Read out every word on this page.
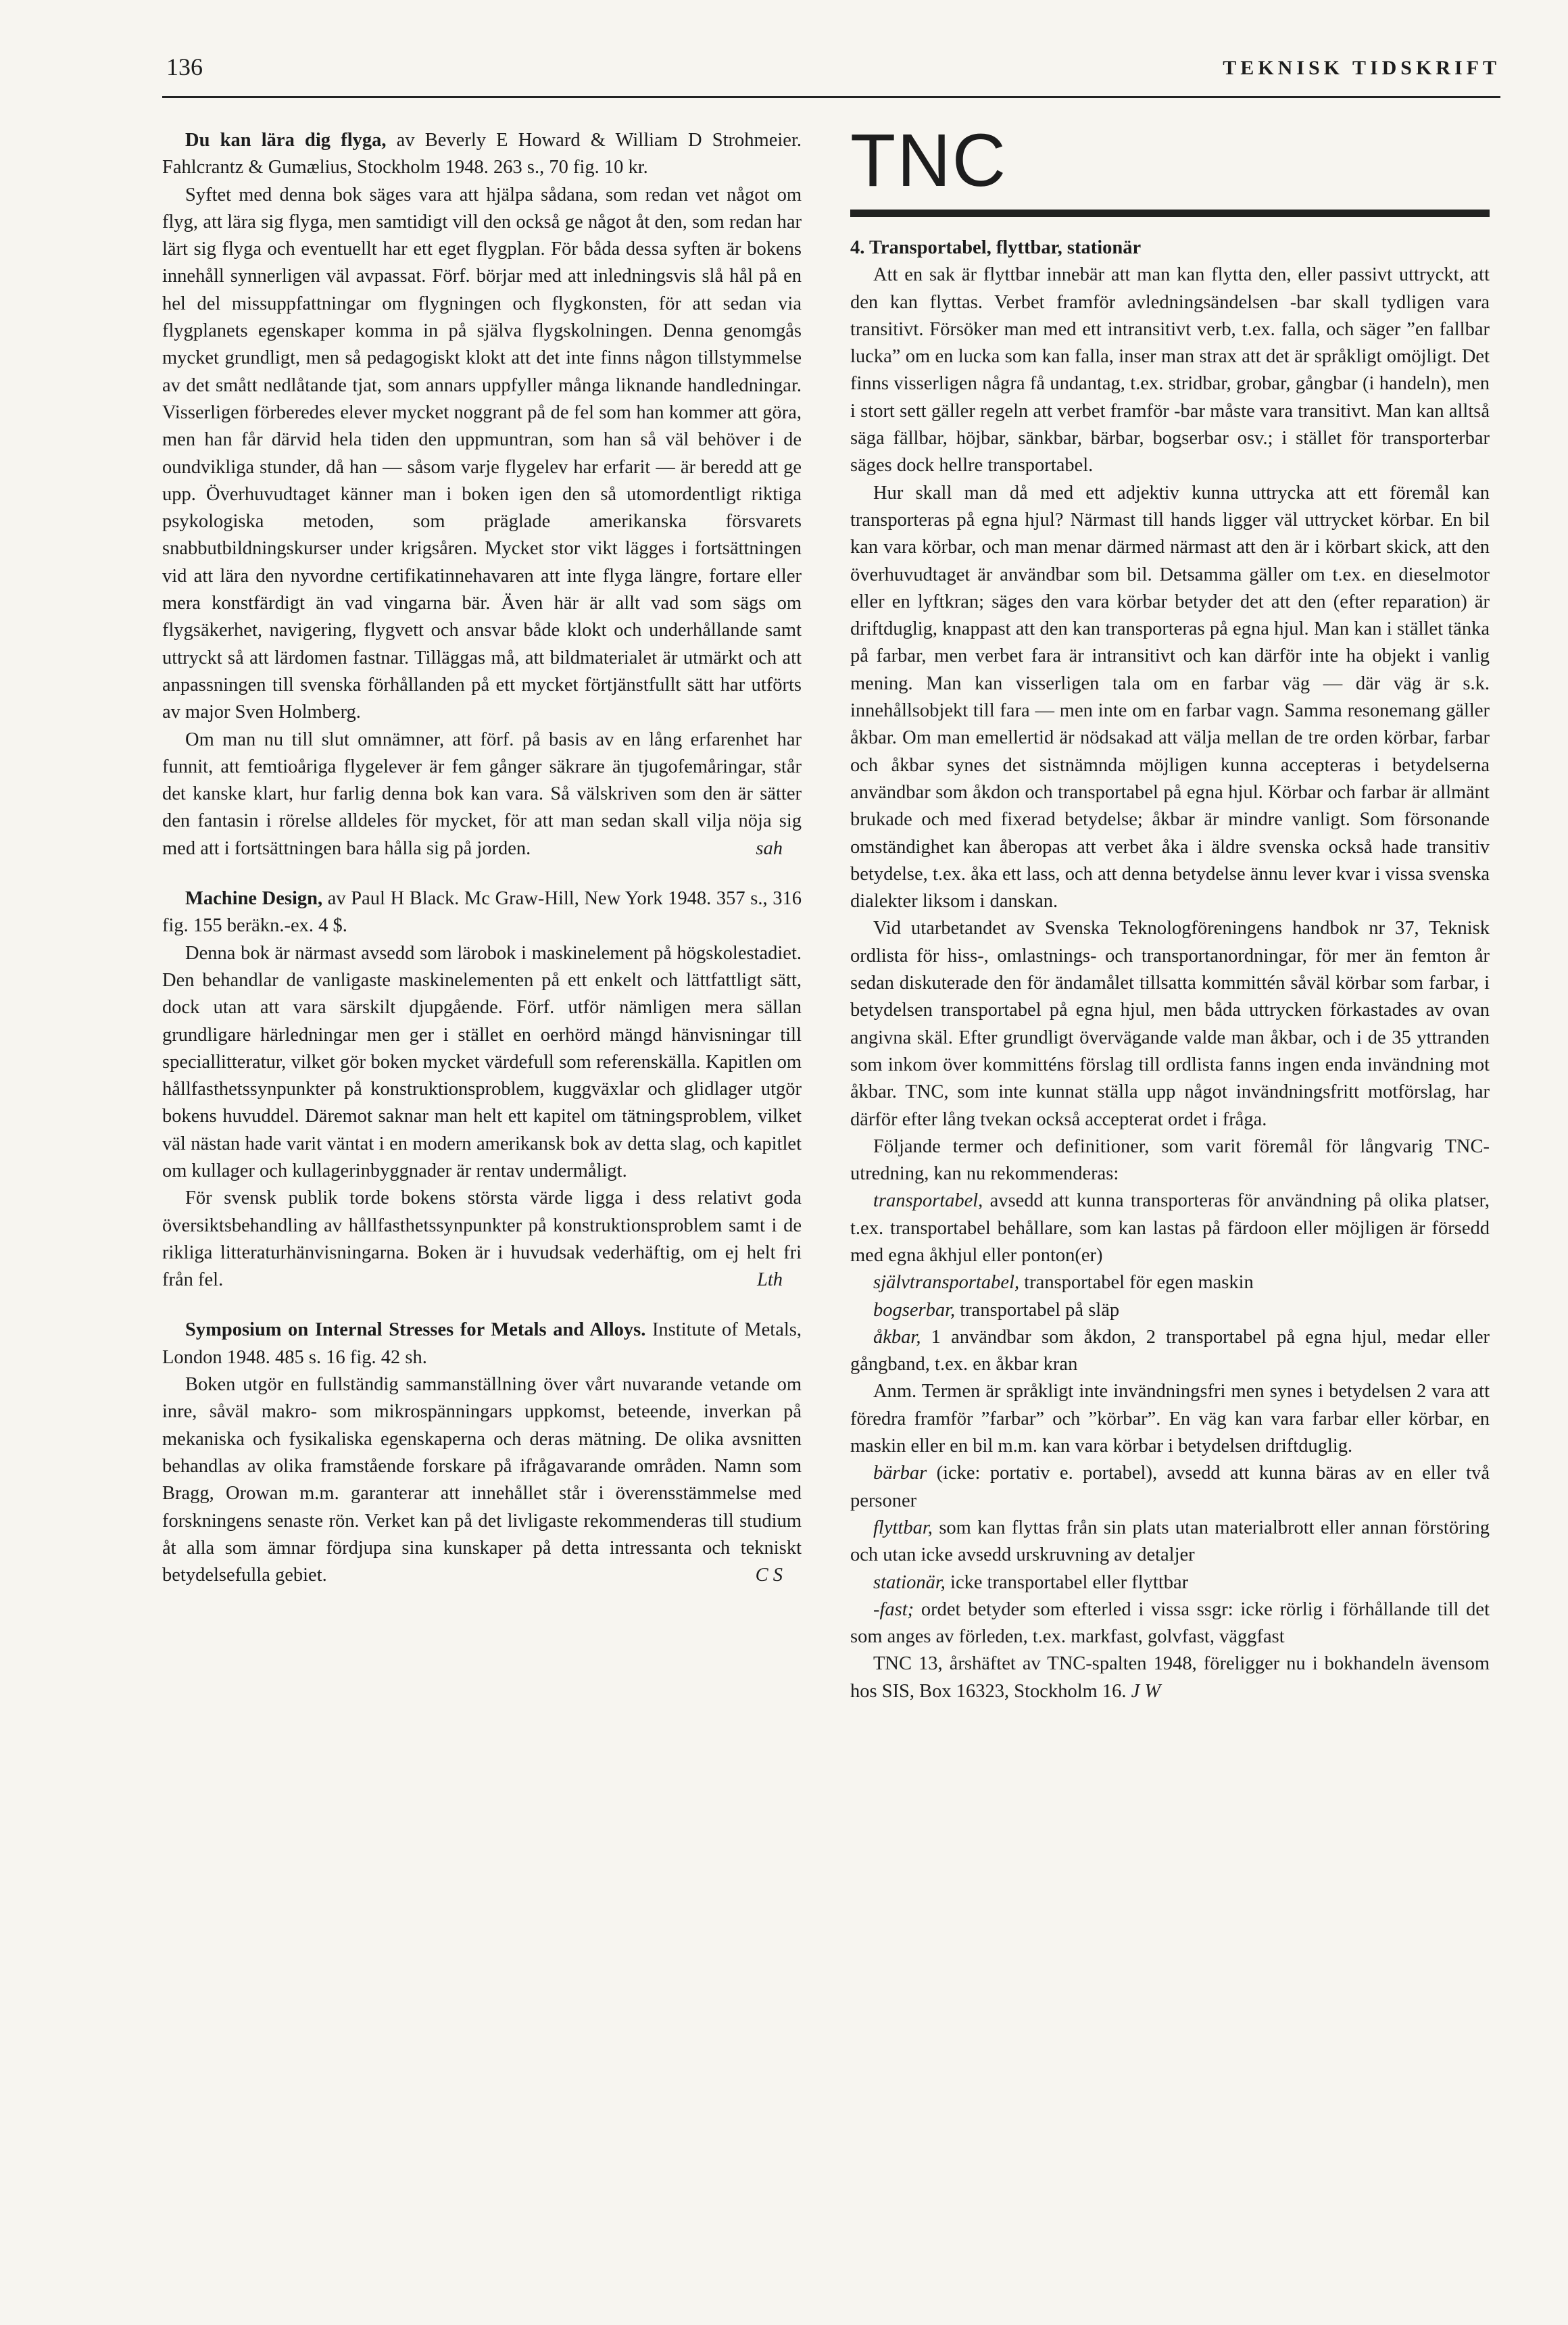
136	TEKNISK TIDSKRIFT

Du kan lära dig flyga, av Beverly E Howard & William D Strohmeier. Fahlcrantz & Gumælius, Stockholm 1948. 263 s., 70 fig. 10 kr.

Syftet med denna bok säges vara att hjälpa sådana, som redan vet något om flyg, att lära sig flyga, men samtidigt vill den också ge något åt den, som redan har lärt sig flyga och eventuellt har ett eget flygplan. För båda dessa syften är bokens innehåll synnerligen väl avpassat. Förf. börjar med att inledningsvis slå hål på en hel del missuppfattningar om flygningen och flygkonsten, för att sedan via flygplanets egenskaper komma in på själva flygskolningen. Denna genomgås mycket grundligt, men så pedagogiskt klokt att det inte finns någon tillstymmelse av det smått nedlåtande tjat, som annars uppfyller många liknande handledningar. Visserligen förberedes elever mycket noggrant på de fel som han kommer att göra, men han får därvid hela tiden den uppmuntran, som han så väl behöver i de oundvikliga stunder, då han — såsom varje flygelev har erfarit — är beredd att ge upp. Överhuvudtaget känner man i boken igen den så utomordentligt riktiga psykologiska metoden, som präglade amerikanska försvarets snabbutbildningskurser under krigsåren. Mycket stor vikt lägges i fortsättningen vid att lära den nyvordne certifikatinnehavaren att inte flyga längre, fortare eller mera konstfärdigt än vad vingarna bär. Även här är allt vad som sägs om flygsäkerhet, navigering, flygvett och ansvar både klokt och underhållande samt uttryckt så att lärdomen fastnar. Tilläggas må, att bildmaterialet är utmärkt och att anpassningen till svenska förhållanden på ett mycket förtjänstfullt sätt har utförts av major Sven Holmberg.

Om man nu till slut omnämner, att förf. på basis av en lång erfarenhet har funnit, att femtioåriga flygelever är fem gånger säkrare än tjugofemåringar, står det kanske klart, hur farlig denna bok kan vara. Så välskriven som den är sätter den fantasin i rörelse alldeles för mycket, för att man sedan skall vilja nöja sig med att i fortsättningen bara hålla sig på jorden.	sah

Machine Design, av Paul H Black. Mc Graw-Hill, New York 1948. 357 s., 316 fig. 155 beräkn.-ex. 4 $.

Denna bok är närmast avsedd som lärobok i maskinelement på högskolestadiet. Den behandlar de vanligaste maskinelementen på ett enkelt och lättfattligt sätt, dock utan att vara särskilt djupgående. Förf. utför nämligen mera sällan grundligare härledningar men ger i stället en oerhörd mängd hänvisningar till speciallitteratur, vilket gör boken mycket värdefull som referenskälla. Kapitlen om hållfasthetssynpunkter på konstruktionsproblem, kuggväxlar och glidlager utgör bokens huvuddel. Däremot saknar man helt ett kapitel om tätningsproblem, vilket väl nästan hade varit väntat i en modern amerikansk bok av detta slag, och kapitlet om kullager och kullagerinbyggnader är rentav undermåligt.

För svensk publik torde bokens största värde ligga i dess relativt goda översiktsbehandling av hållfasthetssynpunkter på konstruktionsproblem samt i de rikliga litteraturhänvisningarna. Boken är i huvudsak vederhäftig, om ej helt fri från fel.	Lth

Symposium on Internal Stresses for Metals and Alloys. Institute of Metals, London 1948. 485 s. 16 fig. 42 sh.

Boken utgör en fullständig sammanställning över vårt nuvarande vetande om inre, såväl makro- som mikrospänningars uppkomst, beteende, inverkan på mekaniska och fysikaliska egenskaperna och deras mätning. De olika avsnitten behandlas av olika framstående forskare på ifrågavarande områden. Namn som Bragg, Orowan m.m. garanterar att innehållet står i överensstämmelse med forskningens senaste rön. Verket kan på det livligaste rekommenderas till studium åt alla som ämnar fördjupa sina kunskaper på detta intressanta och tekniskt betydelsefulla gebiet.	C S

TNC

4. Transportabel, flyttbar, stationär

Att en sak är flyttbar innebär att man kan flytta den, eller passivt uttryckt, att den kan flyttas. Verbet framför avledningsändelsen -bar skall tydligen vara transitivt. Försöker man med ett intransitivt verb, t.ex. falla, och säger ”en fallbar lucka” om en lucka som kan falla, inser man strax att det är språkligt omöjligt. Det finns visserligen några få undantag, t.ex. stridbar, grobar, gångbar (i handeln), men i stort sett gäller regeln att verbet framför -bar måste vara transitivt. Man kan alltså säga fällbar, höjbar, sänkbar, bärbar, bogserbar osv.; i stället för transporterbar säges dock hellre transportabel.

Hur skall man då med ett adjektiv kunna uttrycka att ett föremål kan transporteras på egna hjul? Närmast till hands ligger väl uttrycket körbar. En bil kan vara körbar, och man menar därmed närmast att den är i körbart skick, att den överhuvudtaget är användbar som bil. Detsamma gäller om t.ex. en dieselmotor eller en lyftkran; säges den vara körbar betyder det att den (efter reparation) är driftduglig, knappast att den kan transporteras på egna hjul. Man kan i stället tänka på farbar, men verbet fara är intransitivt och kan därför inte ha objekt i vanlig mening. Man kan visserligen tala om en farbar väg — där väg är s.k. innehållsobjekt till fara — men inte om en farbar vagn. Samma resonemang gäller åkbar. Om man emellertid är nödsakad att välja mellan de tre orden körbar, farbar och åkbar synes det sistnämnda möjligen kunna accepteras i betydelserna användbar som åkdon och transportabel på egna hjul. Körbar och farbar är allmänt brukade och med fixerad betydelse; åkbar är mindre vanligt. Som försonande omständighet kan åberopas att verbet åka i äldre svenska också hade transitiv betydelse, t.ex. åka ett lass, och att denna betydelse ännu lever kvar i vissa svenska dialekter liksom i danskan.

Vid utarbetandet av Svenska Teknologföreningens handbok nr 37, Teknisk ordlista för hiss-, omlastnings- och transportanordningar, för mer än femton år sedan diskuterade den för ändamålet tillsatta kommittén såväl körbar som farbar, i betydelsen transportabel på egna hjul, men båda uttrycken förkastades av ovan angivna skäl. Efter grundligt övervägande valde man åkbar, och i de 35 yttranden som inkom över kommitténs förslag till ordlista fanns ingen enda invändning mot åkbar. TNC, som inte kunnat ställa upp något invändningsfritt motförslag, har därför efter lång tvekan också accepterat ordet i fråga.

Följande termer och definitioner, som varit föremål för långvarig TNC-utredning, kan nu rekommenderas:

transportabel, avsedd att kunna transporteras för användning på olika platser, t.ex. transportabel behållare, som kan lastas på färdoon eller möjligen är försedd med egna åkhjul eller ponton(er)

självtransportabel, transportabel för egen maskin

bogserbar, transportabel på släp

åkbar, 1 användbar som åkdon, 2 transportabel på egna hjul, medar eller gångband, t.ex. en åkbar kran

Anm. Termen är språkligt inte invändningsfri men synes i betydelsen 2 vara att föredra framför ”farbar” och ”körbar”. En väg kan vara farbar eller körbar, en maskin eller en bil m.m. kan vara körbar i betydelsen driftduglig.

bärbar (icke: portativ e. portabel), avsedd att kunna bäras av en eller två personer

flyttbar, som kan flyttas från sin plats utan materialbrott eller annan förstöring och utan icke avsedd urskruvning av detaljer

stationär, icke transportabel eller flyttbar

-fast; ordet betyder som efterled i vissa ssgr: icke rörlig i förhållande till det som anges av förleden, t.ex. markfast, golvfast, väggfast

TNC 13, årshäftet av TNC-spalten 1948, föreligger nu i bokhandeln ävensom hos SIS, Box 16323, Stockholm 16. J W
